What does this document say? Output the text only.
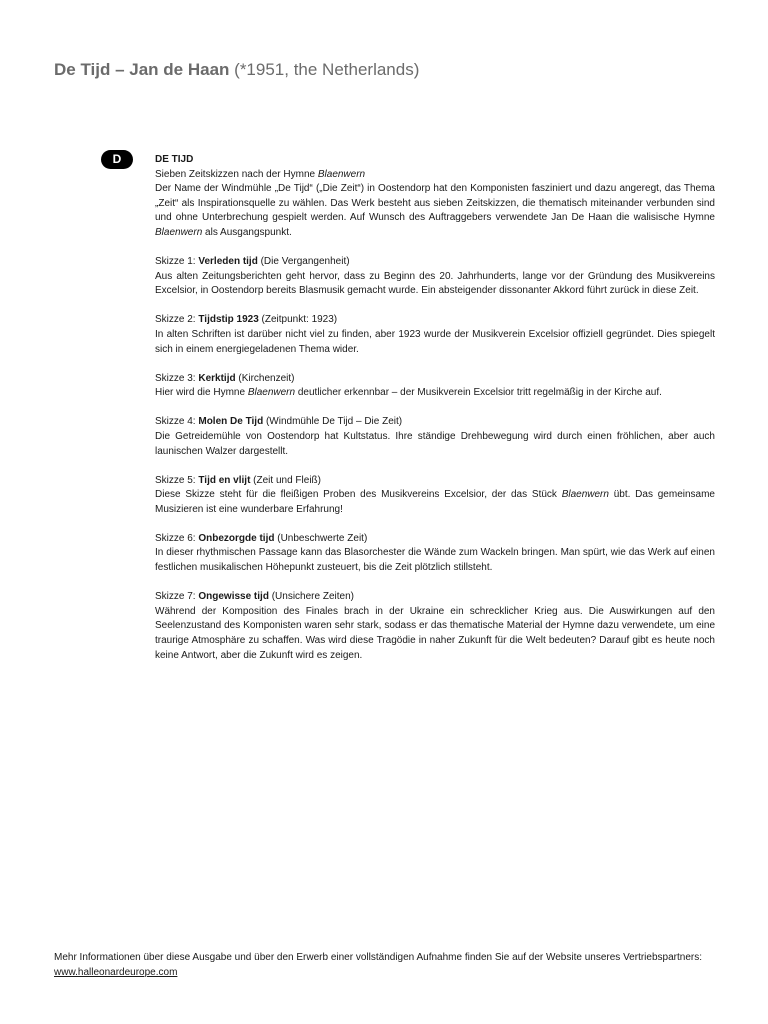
De Tijd – Jan de Haan (*1951, the Netherlands)
D	DE TIJD

Sieben Zeitskizzen nach der Hymne Blaenwern

Der Name der Windmühle „De Tijd“ („Die Zeit“) in Oostendorp hat den Komponisten fasziniert und dazu angeregt, das Thema „Zeit“ als Inspirationsquelle zu wählen. Das Werk besteht aus sieben Zeitskizzen, die thematisch miteinander verbunden sind und ohne Unterbrechung gespielt werden. Auf Wunsch des Auftraggebers verwendete Jan De Haan die walisische Hymne Blaenwern als Ausgangspunkt.

Skizze 1: Verleden tijd (Die Vergangenheit)

Aus alten Zeitungsberichten geht hervor, dass zu Beginn des 20. Jahrhunderts, lange vor der Gründung des Musikvereins Excelsior, in Oostendorp bereits Blasmusik gemacht wurde. Ein absteigender dissonanter Akkord führt zurück in diese Zeit.

Skizze 2: Tijdstip 1923 (Zeitpunkt: 1923)

In alten Schriften ist darüber nicht viel zu finden, aber 1923 wurde der Musikverein Excelsior offiziell gegründet. Dies spiegelt sich in einem energiegeladenen Thema wider.

Skizze 3: Kerktijd (Kirchenzeit)

Hier wird die Hymne Blaenwern deutlicher erkennbar – der Musikverein Excelsior tritt regelmäßig in der Kirche auf.

Skizze 4: Molen De Tijd (Windmühle De Tijd – Die Zeit)

Die Getreidemühle von Oostendorp hat Kultstatus. Ihre ständige Drehbewegung wird durch einen fröhlichen, aber auch launischen Walzer dargestellt.

Skizze 5: Tijd en vlijt (Zeit und Fleiß)

Diese Skizze steht für die fleißigen Proben des Musikvereins Excelsior, der das Stück Blaenwern übt. Das gemeinsame Musizieren ist eine wunderbare Erfahrung!

Skizze 6: Onbezorgde tijd (Unbeschwerte Zeit)

In dieser rhythmischen Passage kann das Blasorchester die Wände zum Wackeln bringen. Man spürt, wie das Werk auf einen festlichen musikalischen Höhepunkt zusteuert, bis die Zeit plötzlich stillsteht.

Skizze 7: Ongewisse tijd (Unsichere Zeiten)

Während der Komposition des Finales brach in der Ukraine ein schrecklicher Krieg aus. Die Auswirkungen auf den Seelenzustand des Komponisten waren sehr stark, sodass er das thematische Material der Hymne dazu verwendete, um eine traurige Atmosphäre zu schaffen. Was wird diese Tragödie in naher Zukunft für die Welt bedeuten? Darauf gibt es heute noch keine Antwort, aber die Zukunft wird es zeigen.

Mehr Informationen über diese Ausgabe und über den Erwerb einer vollständigen Aufnahme finden Sie auf der Website unseres Vertriebspartners:

www.halleonardeurope.com
